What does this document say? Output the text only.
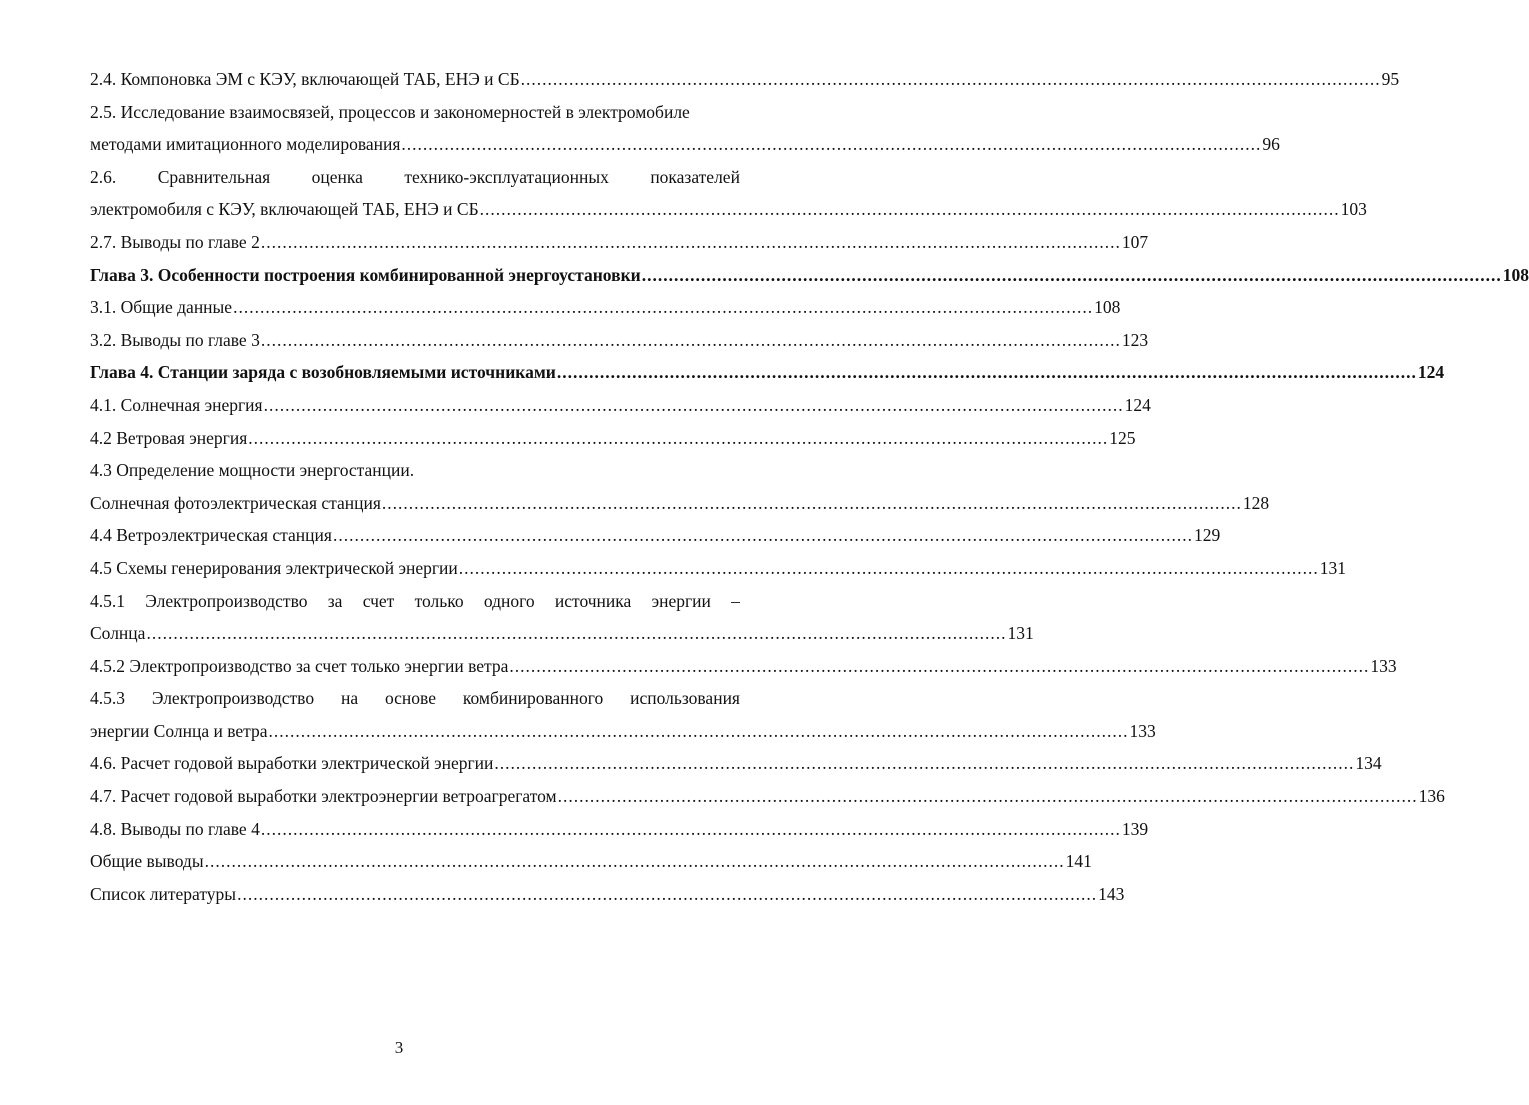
2.4. Компоновка ЭМ с КЭУ, включающей ТАБ, ЕНЭ и СБ .....	95
2.5. Исследование взаимосвязей, процессов и закономерностей в электромобиле
методами имитационного моделирования .....	96
2.6. Сравнительная оценка технико-эксплуатационных показателей
электромобиля с КЭУ, включающей ТАБ, ЕНЭ и СБ .....	103
2.7. Выводы по главе 2 .....	107
Глава 3. Особенности построения комбинированной энергоустановки .....	108
3.1. Общие данные .....	108
3.2. Выводы по главе 3 .....	123
Глава 4. Станции заряда с возобновляемыми источниками .....	124
4.1. Солнечная энергия .....	124
4.2 Ветровая энергия .....	125
4.3 Определение мощности энергостанции.
Солнечная фотоэлектрическая станция .....	128
4.4 Ветроэлектрическая станция .....	129
4.5 Схемы генерирования электрической энергии .....	131
4.5.1 Электропроизводство за счет только одного источника энергии –
Солнца .....	131
4.5.2 Электропроизводство за счет только энергии ветра .....	133
4.5.3 Электропроизводство на основе комбинированного использования
энергии Солнца и ветра .....	133
4.6. Расчет годовой выработки электрической энергии .....	134
4.7. Расчет годовой выработки электроэнергии ветроагрегатом .....	136
4.8. Выводы по главе 4 .....	139
Общие выводы .....	141
Список литературы .....	143
3
